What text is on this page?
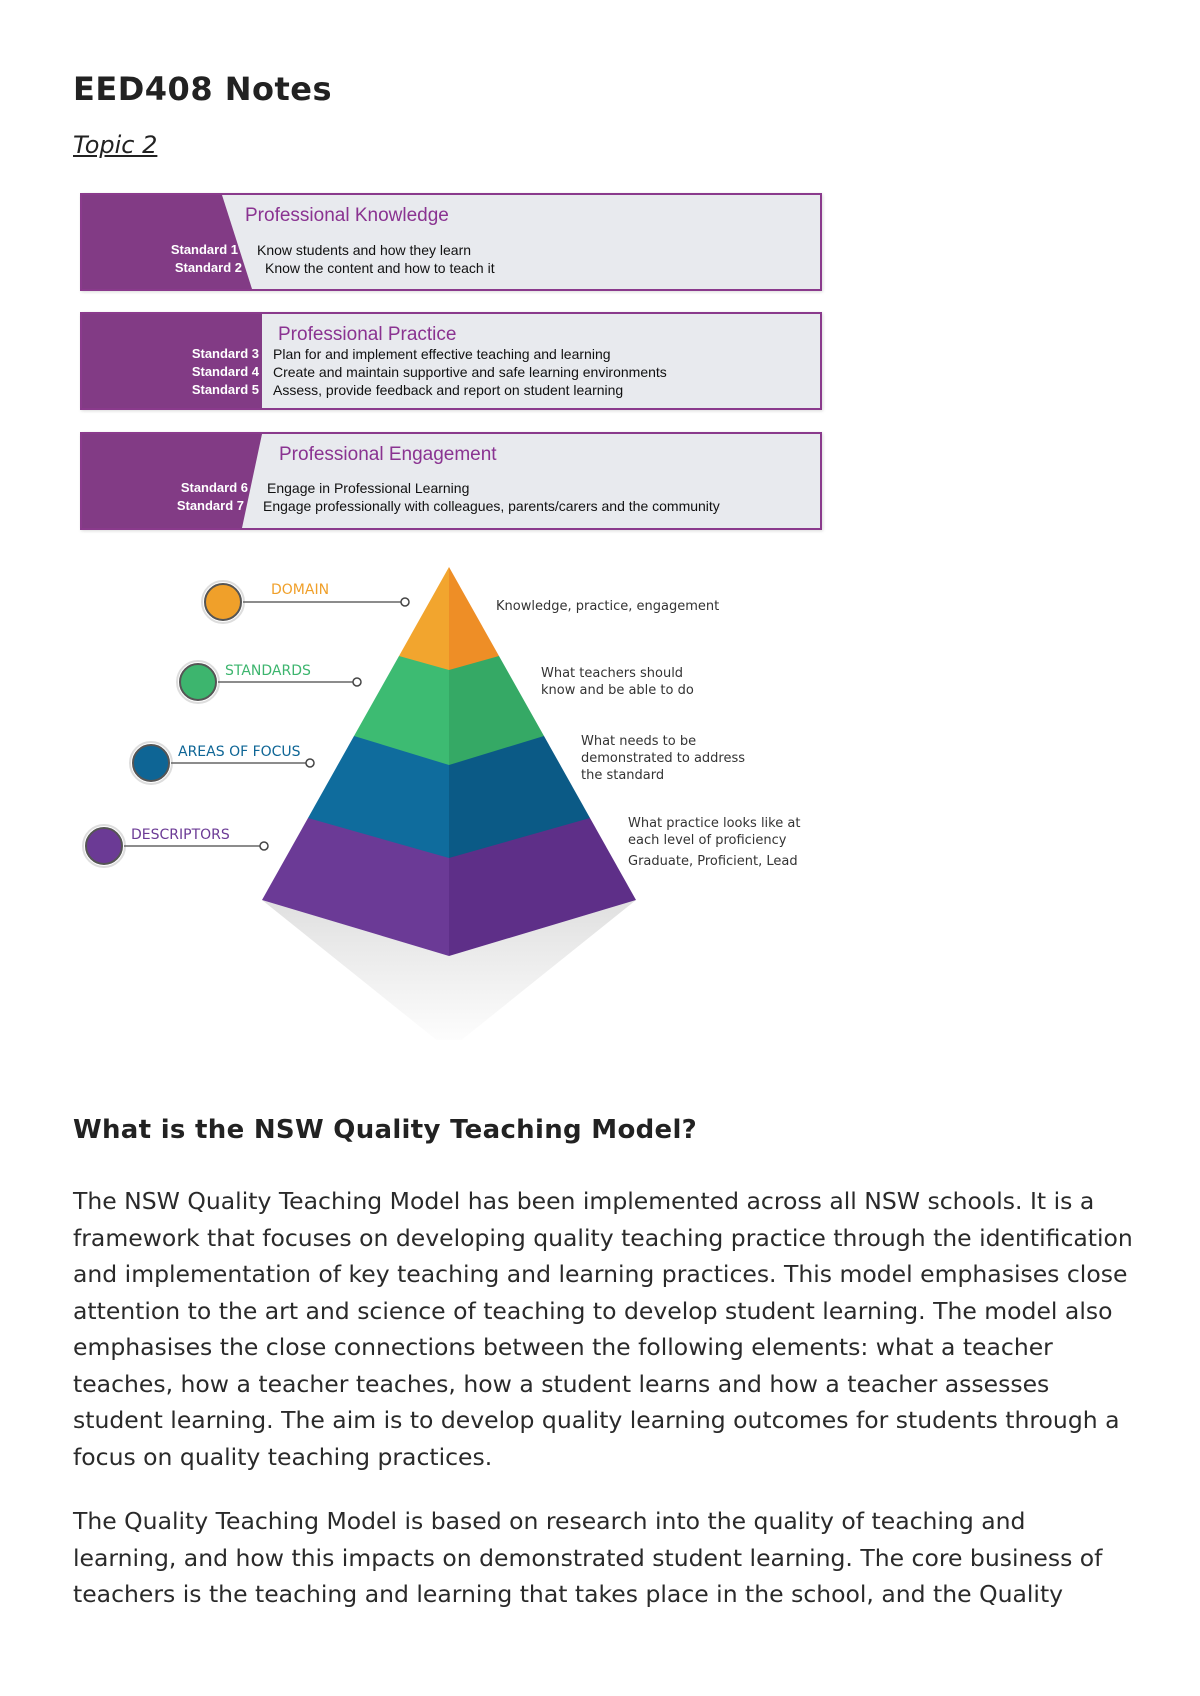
EED408 Notes

Topic 2

Professional Knowledge
Standard 1 Know students and how they learn
Standard 2 Know the content and how to teach it
Professional Practice
Standard 3 Plan for and implement effective teaching and learning
Standard 4 Create and maintain supportive and safe learning environments
Standard 5 Assess, provide feedback and report on student learning
Professional Engagement
Standard 6 Engage in Professional Learning
Standard 7 Engage professionally with colleagues, parents/carers and the community
DOMAIN
STANDARDS
AREAS OF FOCUS
DESCRIPTORS
Knowledge, practice, engagement
What teachers should
know and be able to do
What needs to be
demonstrated to address
the standard
What practice looks like at
each level of proficiency
Graduate, Proficient, Lead
What is the NSW Quality Teaching Model?

The NSW Quality Teaching Model has been implemented across all NSW schools. It is a framework that focuses on developing quality teaching practice through the identification and implementation of key teaching and learning practices. This model emphasises close attention to the art and science of teaching to develop student learning. The model also emphasises the close connections between the following elements: what a teacher teaches, how a teacher teaches, how a student learns and how a teacher assesses student learning. The aim is to develop quality learning outcomes for students through a focus on quality teaching practices.

The Quality Teaching Model is based on research into the quality of teaching and learning, and how this impacts on demonstrated student learning. The core business of teachers is the teaching and learning that takes place in the school, and the Quality
